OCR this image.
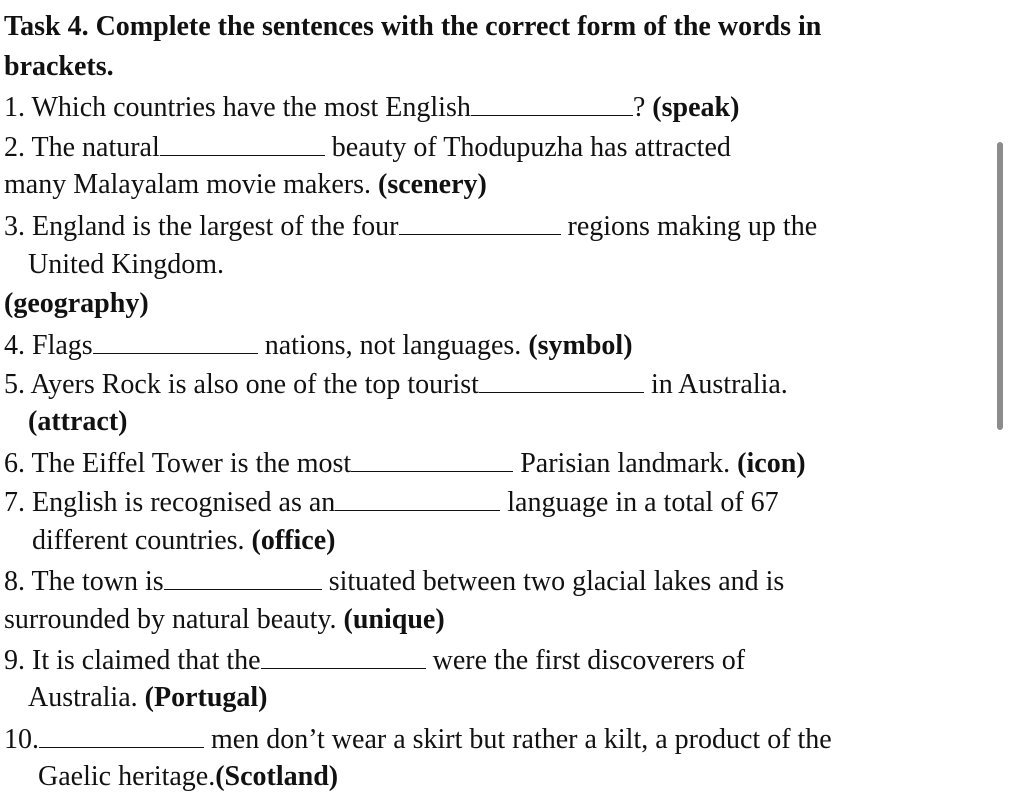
Task 4. Complete the sentences with the correct form of the words in
brackets.
1. Which countries have the most English	? (speak)
2. The natural	beauty of Thodupuzha has attracted
many Malayalam movie makers. (scenery)
3. England is the largest of the four	regions making up the
United Kingdom.
(geography)
4. Flags	nations, not languages. (symbol)
5. Ayers Rock is also one of the top tourist	in Australia.
(attract)
6. The Eiffel Tower is the most	Parisian landmark. (icon)
7. English is recognised as an	language in a total of 67
different countries. (office)
8. The town is	situated between two glacial lakes and is
surrounded by natural beauty. (unique)
9. It is claimed that the	were the first discoverers of
Australia. (Portugal)
10.	men don’t wear a skirt but rather a kilt, a product of the
Gaelic heritage.(Scotland)
